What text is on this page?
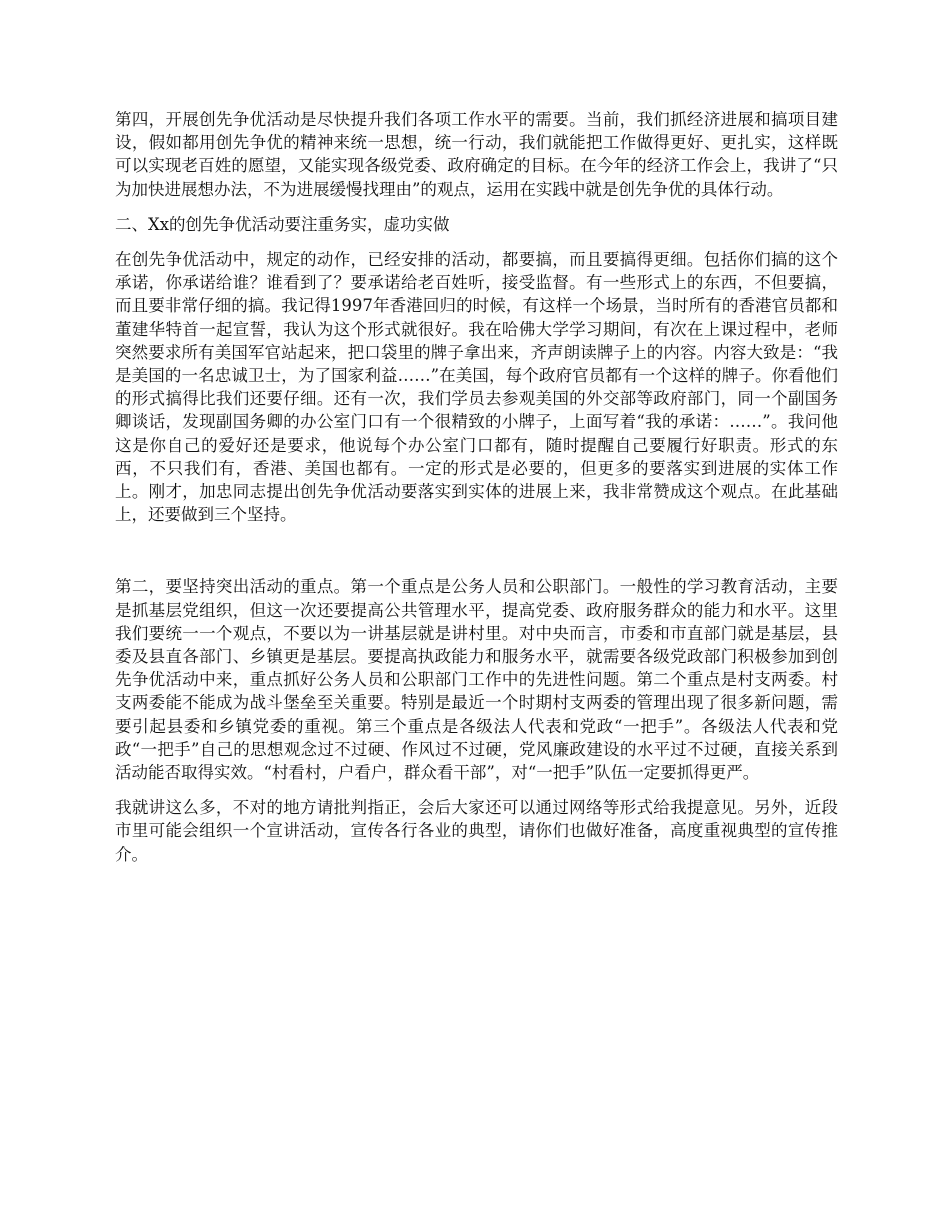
第四，开展创先争优活动是尽快提升我们各项工作水平的需要。当前，我们抓经济进展和搞项目建设，假如都用创先争优的精神来统一思想，统一行动，我们就能把工作做得更好、更扎实，这样既可以实现老百姓的愿望，又能实现各级党委、政府确定的目标。在今年的经济工作会上，我讲了“只为加快进展想办法，不为进展缓慢找理由”的观点，运用在实践中就是创先争优的具体行动。

二、Xx的创先争优活动要注重务实，虚功实做

在创先争优活动中，规定的动作，已经安排的活动，都要搞，而且要搞得更细。包括你们搞的这个承诺，你承诺给谁？谁看到了？要承诺给老百姓听，接受监督。有一些形式上的东西，不但要搞，而且要非常仔细的搞。我记得1997年香港回归的时候，有这样一个场景，当时所有的香港官员都和董建华特首一起宣誓，我认为这个形式就很好。我在哈佛大学学习期间，有次在上课过程中，老师突然要求所有美国军官站起来，把口袋里的牌子拿出来，齐声朗读牌子上的内容。内容大致是：“我是美国的一名忠诚卫士，为了国家利益……”在美国，每个政府官员都有一个这样的牌子。你看他们的形式搞得比我们还要仔细。还有一次，我们学员去参观美国的外交部等政府部门，同一个副国务卿谈话，发现副国务卿的办公室门口有一个很精致的小牌子，上面写着“我的承诺：……”。我问他这是你自己的爱好还是要求，他说每个办公室门口都有，随时提醒自己要履行好职责。形式的东西，不只我们有，香港、美国也都有。一定的形式是必要的，但更多的要落实到进展的实体工作上。刚才，加忠同志提出创先争优活动要落实到实体的进展上来，我非常赞成这个观点。在此基础上，还要做到三个坚持。

第二，要坚持突出活动的重点。第一个重点是公务人员和公职部门。一般性的学习教育活动，主要是抓基层党组织，但这一次还要提高公共管理水平，提高党委、政府服务群众的能力和水平。这里我们要统一一个观点，不要以为一讲基层就是讲村里。对中央而言，市委和市直部门就是基层，县委及县直各部门、乡镇更是基层。要提高执政能力和服务水平，就需要各级党政部门积极参加到创先争优活动中来，重点抓好公务人员和公职部门工作中的先进性问题。第二个重点是村支两委。村支两委能不能成为战斗堡垒至关重要。特别是最近一个时期村支两委的管理出现了很多新问题，需要引起县委和乡镇党委的重视。第三个重点是各级法人代表和党政“一把手”。各级法人代表和党政“一把手”自己的思想观念过不过硬、作风过不过硬，党风廉政建设的水平过不过硬，直接关系到活动能否取得实效。“村看村，户看户，群众看干部”，对“一把手”队伍一定要抓得更严。

我就讲这么多，不对的地方请批判指正，会后大家还可以通过网络等形式给我提意见。另外，近段市里可能会组织一个宣讲活动，宣传各行各业的典型，请你们也做好准备，高度重视典型的宣传推介。
